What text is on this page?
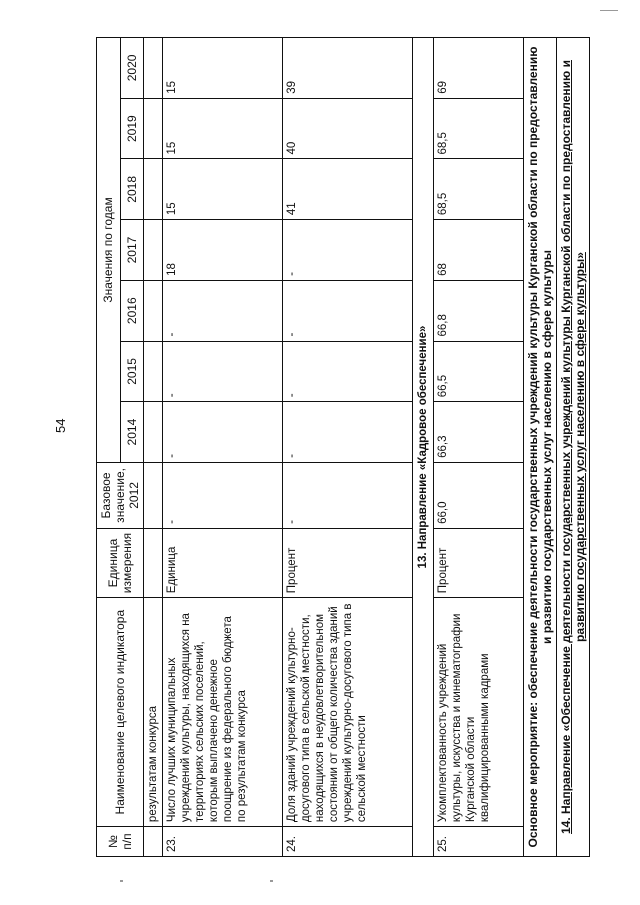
54
№ п/п	Наименование целевого индикатора	Единица измерения	Базовое значение, 2012	Значения по годам						
				2014	2015	2016	2017	2018	2019	2020
	результатам конкурса									
23.	Число лучших муниципальных учреждений культуры, находящихся на территориях сельских поселений, которым выплачено денежное поощрение из федерального бюджета по результатам конкурса	Единица	-	-	-	-	18	15	15	15
24.	Доля зданий учреждений культурно-досугового типа в сельской местности, находящихся в неудовлетворительном состоянии от общего количества зданий учреждений культурно-досугового типа в сельской местности	Процент	-	-	-	-	-	41	40	39
13. Направление «Кадровое обеспечение»										
25.	Укомплектованность учреждений культуры, искусства и кинематографии Курганской области квалифицированными кадрами	Процент	66,0	66,3	66,5	66,8	68	68,5	68,5	69
Основное мероприятие: обеспечение деятельности государственных учреждений культуры Курганской области по предоставлению и развитию государственных услуг населению в сфере культуры										
14. Направление «Обеспечение деятельности государственных учреждений культуры Курганской области по предоставлению и развитию государственных услуг населению в сфере культуры»										
